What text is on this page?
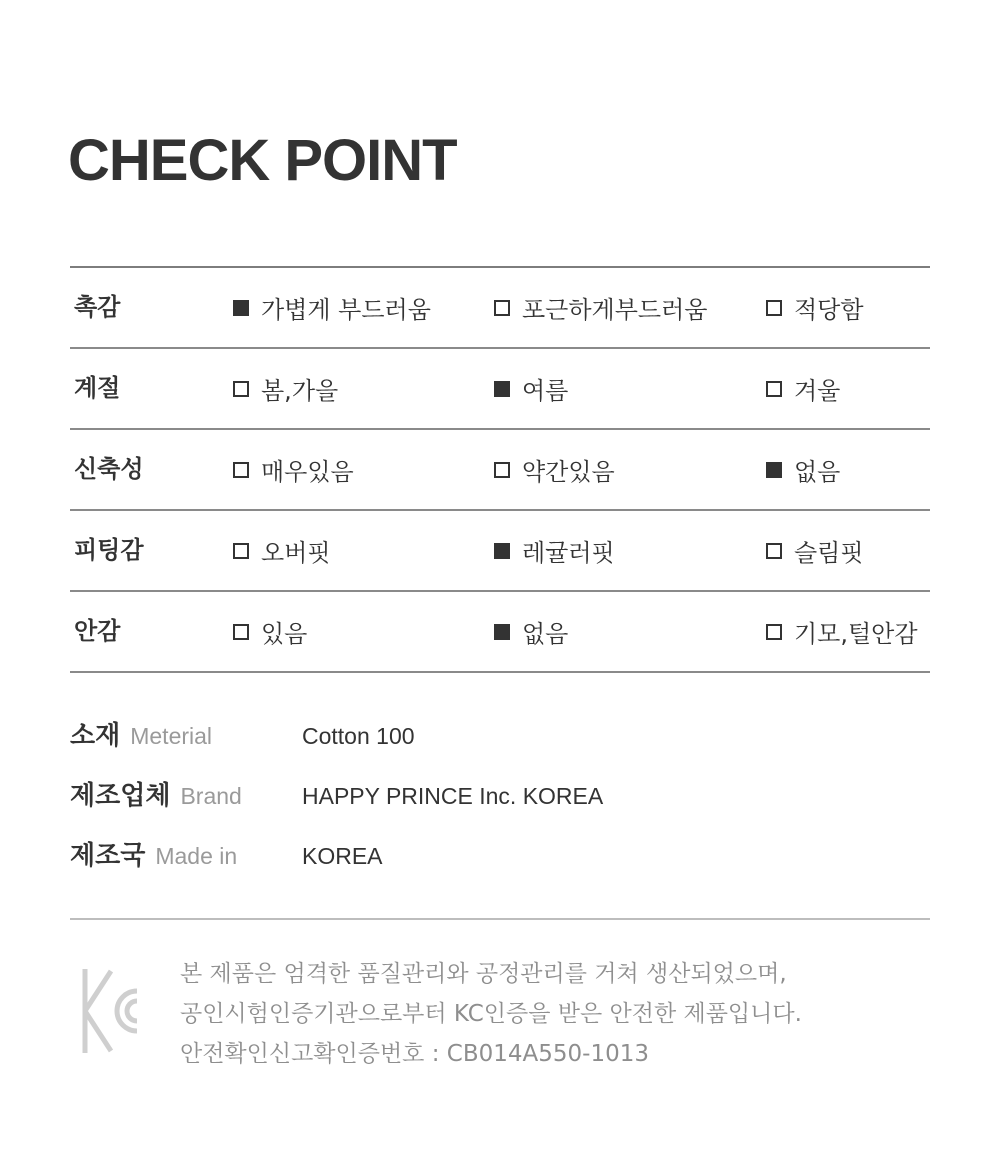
CHECK POINT
촉감	가볍게 부드러움	포근하게부드러움	적당함
계절	봄,가을	여름	겨울
신축성	매우있음	약간있음	없음
피팅감	오버핏	레귤러핏	슬림핏
안감	있음	없음	기모,털안감
소재 Meterial	Cotton 100
제조업체 Brand	HAPPY PRINCE Inc. KOREA
제조국 Made in	KOREA
본 제품은 엄격한 품질관리와 공정관리를 거쳐 생산되었으며,
공인시험인증기관으로부터 KC인증을 받은 안전한 제품입니다.
안전확인신고확인증번호 : CB014A550-1013
